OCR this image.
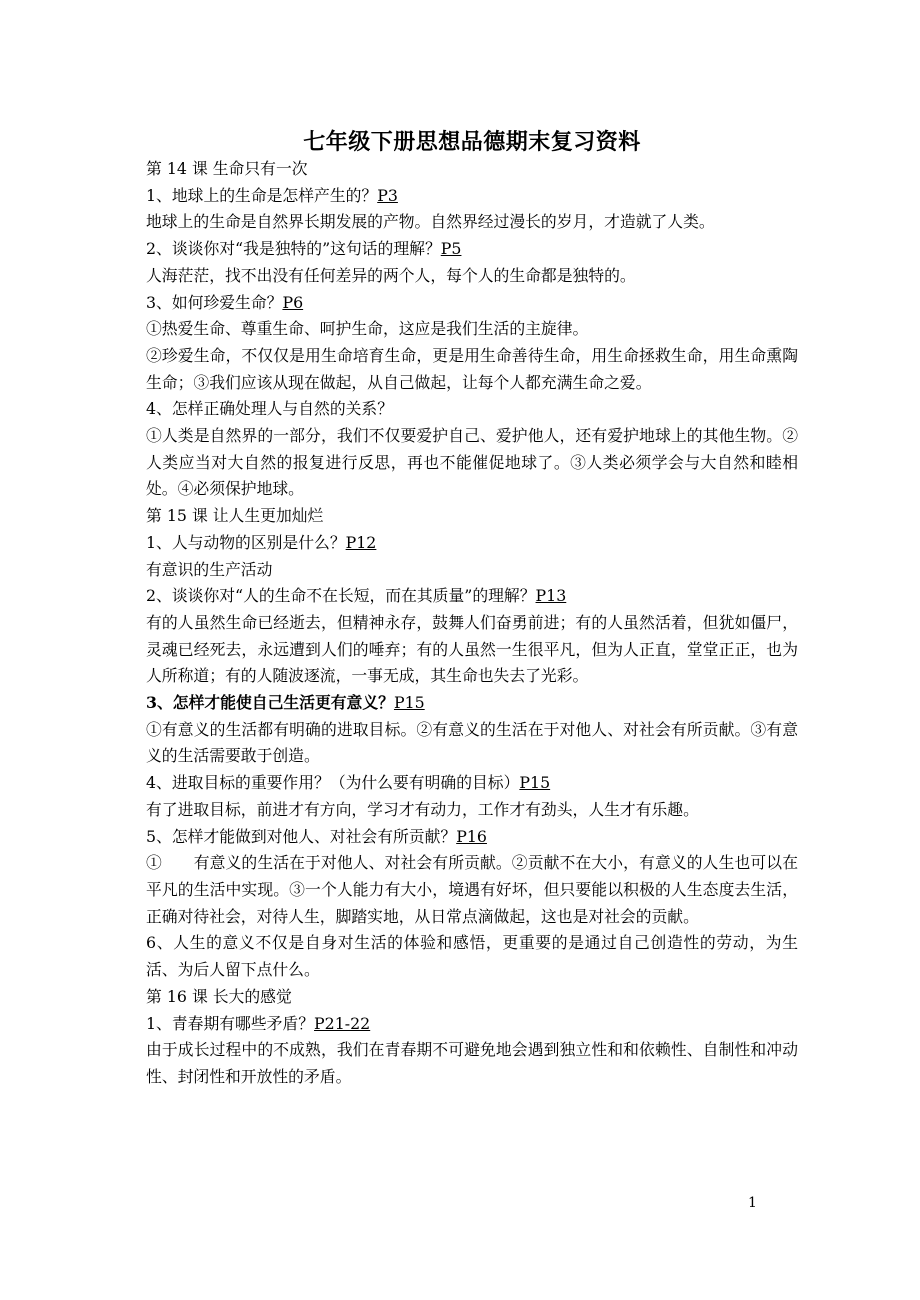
七年级下册思想品德期末复习资料

第 14 课 生命只有一次

1、地球上的生命是怎样产生的？P3

地球上的生命是自然界长期发展的产物。自然界经过漫长的岁月，才造就了人类。

2、谈谈你对“我是独特的”这句话的理解？P5

人海茫茫，找不出没有任何差异的两个人，每个人的生命都是独特的。

3、如何珍爱生命？P6

①热爱生命、尊重生命、呵护生命，这应是我们生活的主旋律。

②珍爱生命，不仅仅是用生命培育生命，更是用生命善待生命，用生命拯救生命，用生命熏陶生命；③我们应该从现在做起，从自己做起，让每个人都充满生命之爱。

4、怎样正确处理人与自然的关系？

①人类是自然界的一部分，我们不仅要爱护自己、爱护他人，还有爱护地球上的其他生物。②人类应当对大自然的报复进行反思，再也不能催促地球了。③人类必须学会与大自然和睦相处。④必须保护地球。

第 15 课 让人生更加灿烂

1、人与动物的区别是什么？P12

有意识的生产活动

2、谈谈你对“人的生命不在长短，而在其质量”的理解？P13

有的人虽然生命已经逝去，但精神永存，鼓舞人们奋勇前进；有的人虽然活着，但犹如僵尸，灵魂已经死去，永远遭到人们的唾弃；有的人虽然一生很平凡，但为人正直，堂堂正正，也为人所称道；有的人随波逐流，一事无成，其生命也失去了光彩。

3、怎样才能使自己生活更有意义？P15

①有意义的生活都有明确的进取目标。②有意义的生活在于对他人、对社会有所贡献。③有意义的生活需要敢于创造。

4、进取目标的重要作用？（为什么要有明确的目标）P15

有了进取目标，前进才有方向，学习才有动力，工作才有劲头，人生才有乐趣。

5、怎样才能做到对他人、对社会有所贡献？P16

①　　有意义的生活在于对他人、对社会有所贡献。②贡献不在大小，有意义的人生也可以在平凡的生活中实现。③一个人能力有大小，境遇有好坏，但只要能以积极的人生态度去生活，正确对待社会，对待人生，脚踏实地，从日常点滴做起，这也是对社会的贡献。

6、人生的意义不仅是自身对生活的体验和感悟，更重要的是通过自己创造性的劳动，为生活、为后人留下点什么。

第 16 课 长大的感觉

1、青春期有哪些矛盾？P21-22

由于成长过程中的不成熟，我们在青春期不可避免地会遇到独立性和和依赖性、自制性和冲动性、封闭性和开放性的矛盾。

1
